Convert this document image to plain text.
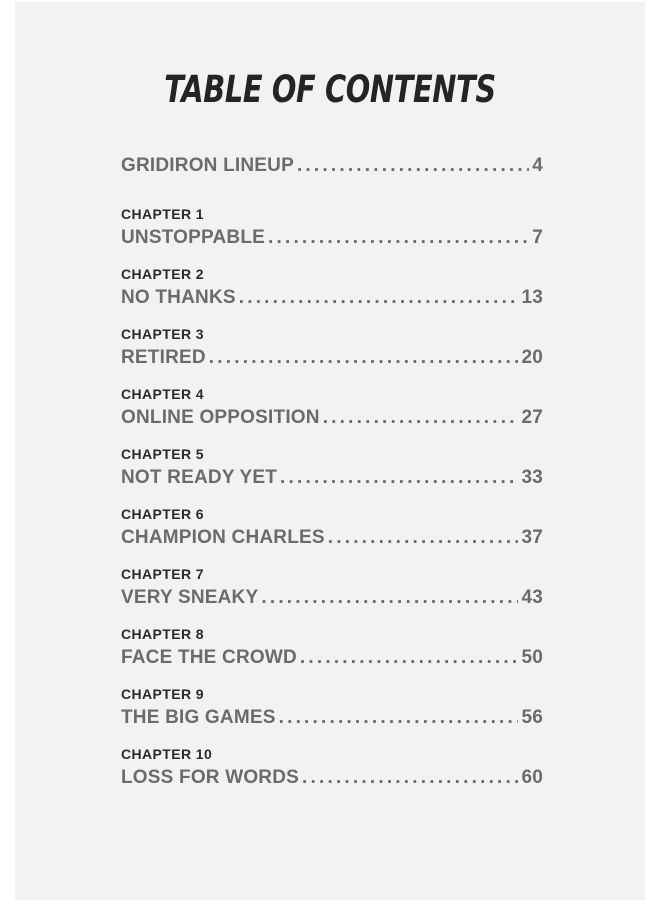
TABLE OF CONTENTS
GRIDIRON LINEUP .....	4
CHAPTER 1
UNSTOPPABLE .....	7
CHAPTER 2
NO THANKS .....	13
CHAPTER 3
RETIRED .....	20
CHAPTER 4
ONLINE OPPOSITION .....	27
CHAPTER 5
NOT READY YET .....	33
CHAPTER 6
CHAMPION CHARLES .....	37
CHAPTER 7
VERY SNEAKY .....	43
CHAPTER 8
FACE THE CROWD .....	50
CHAPTER 9
THE BIG GAMES .....	56
CHAPTER 10
LOSS FOR WORDS .....	60
